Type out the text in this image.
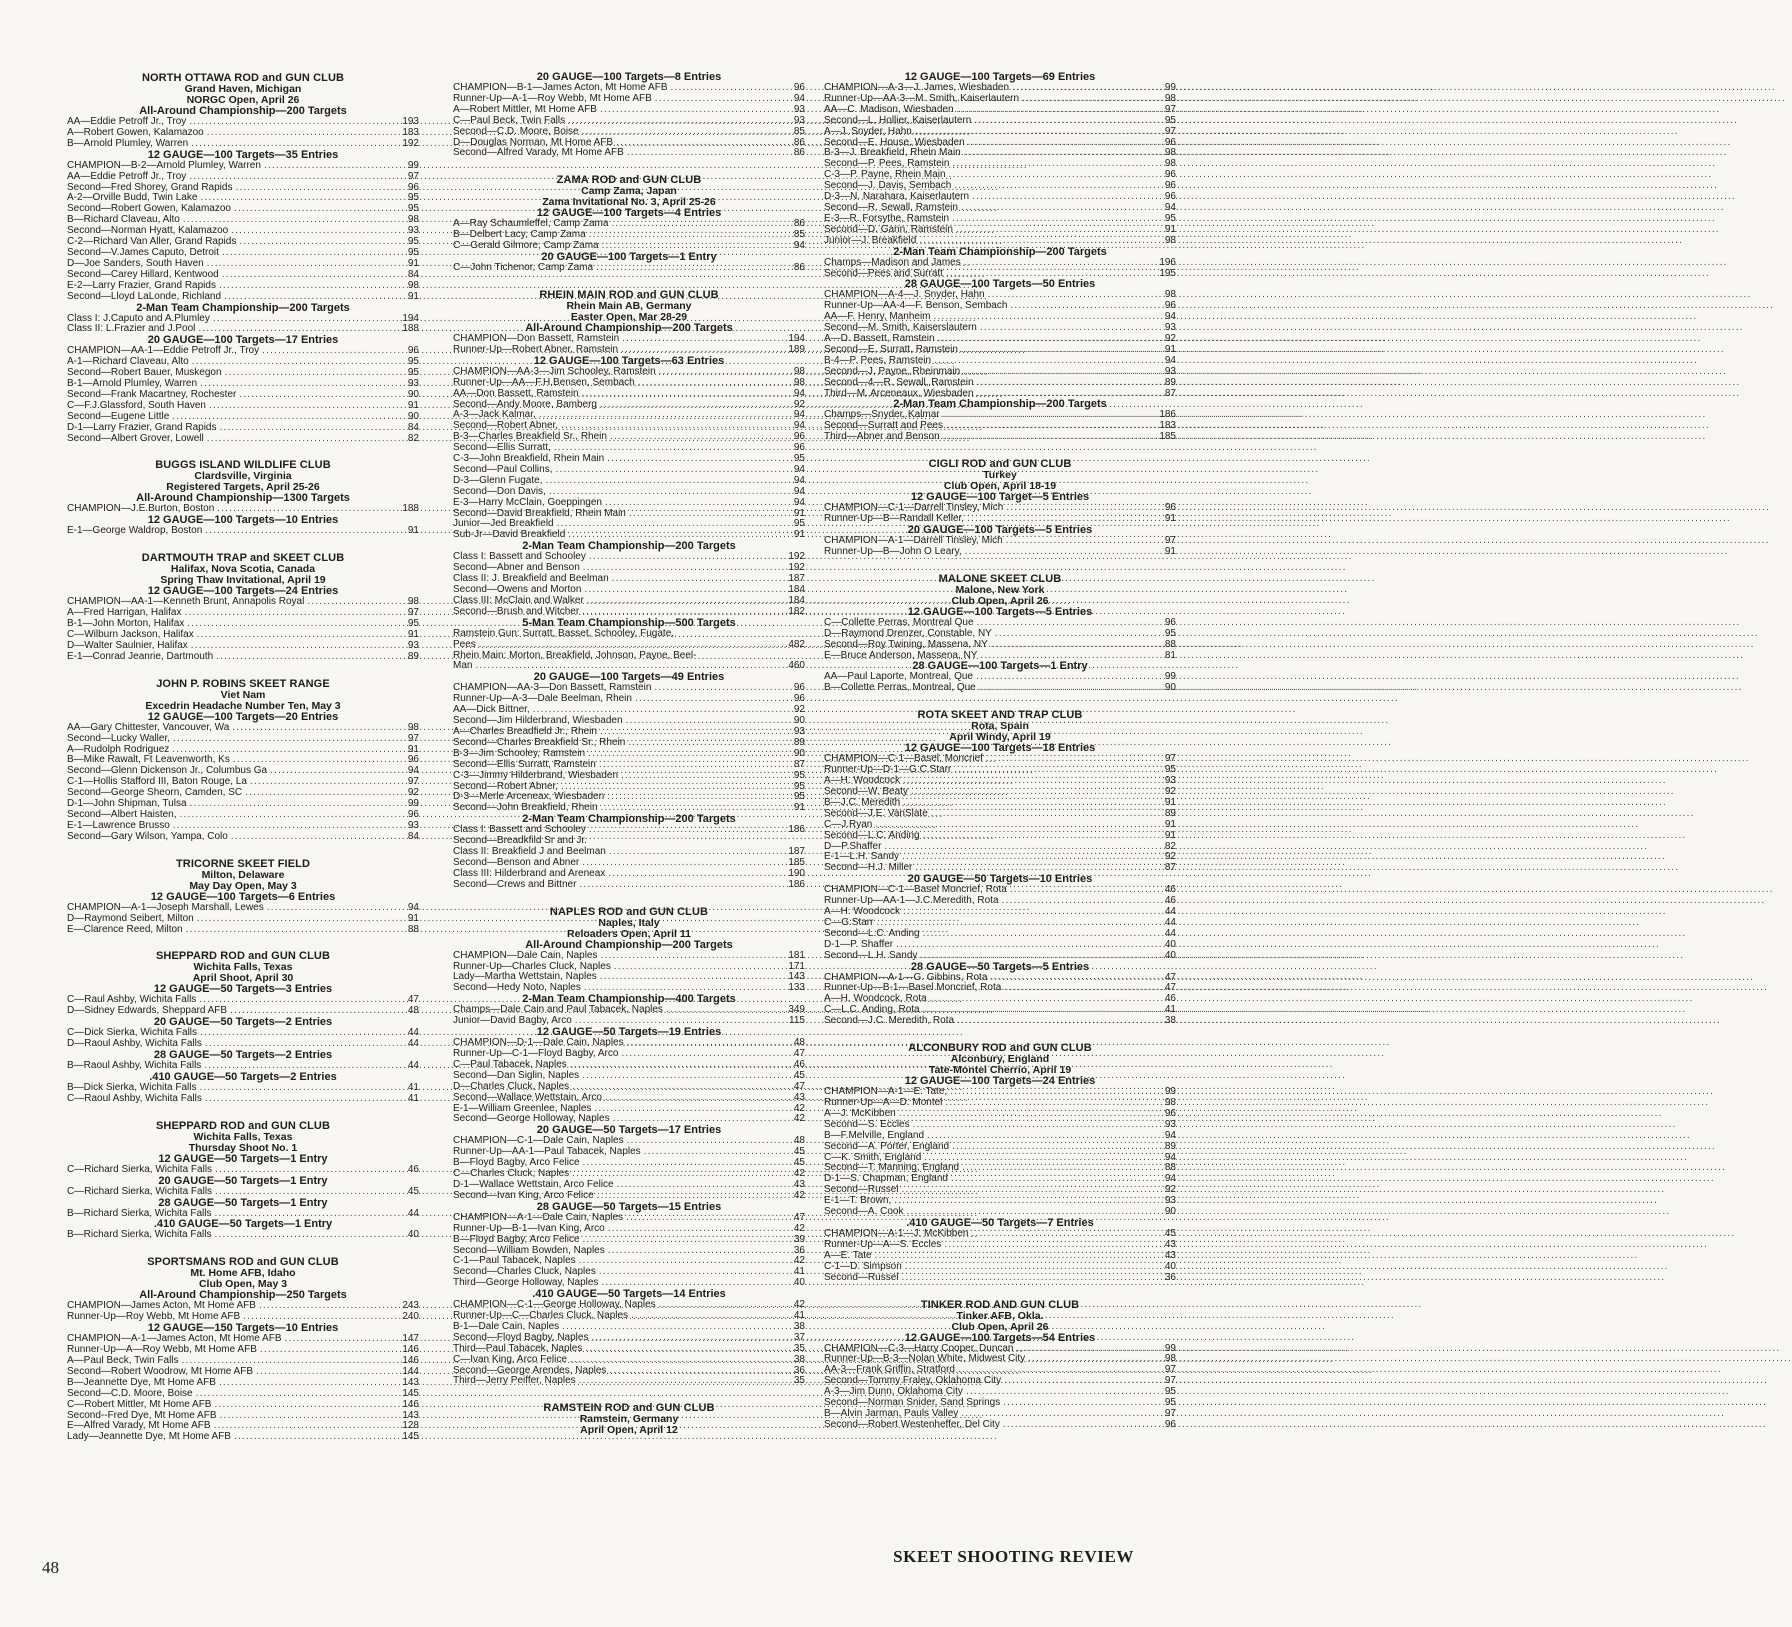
NORTH OTTAWA ROD and GUN CLUB
Grand Haven, Michigan
NORGC Open, April 26
All-Around Championship—200 Targets
AA—Eddie Petroff Jr., Troy .....	193
A—Robert Gowen, Kalamazoo .....	183
B—Arnold Plumley, Warren .....	192
12 GAUGE—100 Targets—35 Entries
CHAMPION—B-2—Arnold Plumley, Warren .....	99
AA—Eddie Petroff Jr., Troy .....	97
Second—Fred Shorey, Grand Rapids .....	96
A-2—Orville Budd, Twin Lake .....	95
Second—Robert Gowen, Kalamazoo .....	95
B—Richard Claveau, Alto .....	98
Second—Norman Hyatt, Kalamazoo .....	93
C-2—Richard Van Aller, Grand Rapids .....	95
Second—V.James Caputo, Detroit .....	95
D—Joe Sanders, South Haven .....	91
Second—Carey Hillard, Kentwood .....	84
E-2—Larry Frazier, Grand Rapids .....	98
Second—Lloyd LaLonde, Richland .....	91
2-Man Team Championship—200 Targets
Class I: J.Caputo and A.Plumley .....	194
Class II: L.Frazier and J.Pool .....	188
20 GAUGE—100 Targets—17 Entries
CHAMPION—AA-1—Eddie Petroff Jr., Troy .....	96
A-1—Richard Claveau, Alto .....	95
Second—Robert Bauer, Muskegon .....	95
B-1—Arnold Plumley, Warren .....	93
Second—Frank Macartney, Rochester .....	90
C—F.J.Glassford, South Haven .....	91
Second—Eugene Little .....	90
D-1—Larry Frazier, Grand Rapids .....	84
Second—Albert Grover, Lowell .....	82
BUGGS ISLAND WILDLIFE CLUB
Clardsville, Virginia
Registered Targets, April 25-26
All-Around Championship—1300 Targets
CHAMPION—J.E.Burton, Boston .....	188
12 GAUGE—100 Targets—10 Entries
E-1—George Waldrop, Boston .....	91
DARTMOUTH TRAP and SKEET CLUB
Halifax, Nova Scotia, Canada
Spring Thaw Invitational, April 19
12 GAUGE—100 Targets—24 Entries
CHAMPION—AA-1—Kenneth Brunt, Annapolis Royal .....	98
A—Fred Harrigan, Halifax .....	97
B-1—John Morton, Halifax .....	95
C—Wilburn Jackson, Halifax .....	91
D—Walter Saulnier, Halifax .....	93
E-1—Conrad Jeanrie, Dartmouth .....	89
JOHN P. ROBINS SKEET RANGE
Viet Nam
Excedrin Headache Number Ten, May 3
12 GAUGE—100 Targets—20 Entries
AA—Gary Chittester, Vancouver, Wa .....	98
Second—Lucky Waller, .....	97
A—Rudolph Rodriguez .....	91
B—Mike Rawalt, Ft Leavenworth, Ks .....	96
Second—Glenn Dickenson Jr., Columbus Ga .....	94
C-1—Hollis Stafford III, Baton Rouge, La .....	97
Second—George Sheorn, Camden, SC .....	92
D-1—John Shipman, Tulsa .....	99
Second—Albert Haisten, .....	96
E-1—Lawrence Brusso .....	93
Second—Gary Wilson, Yampa, Colo .....	84
TRICORNE SKEET FIELD
Milton, Delaware
May Day Open, May 3
12 GAUGE—100 Targets—6 Entries
CHAMPION—A-1—Joseph Marshall, Lewes .....	94
D—Raymond Seibert, Milton .....	91
E—Clarence Reed, Milton .....	88
SHEPPARD ROD and GUN CLUB
Wichita Falls, Texas
April Shoot, April 30
12 GAUGE—50 Targets—3 Entries
C—Raul Ashby, Wichita Falls .....	47
D—Sidney Edwards, Sheppard AFB .....	48
20 GAUGE—50 Targets—2 Entries
C—Dick Sierka, Wichita Falls .....	44
D—Raoul Ashby, Wichita Falls .....	44
28 GAUGE—50 Targets—2 Entries
B—Raoul Ashby, Wichita Falls .....	44
.410 GAUGE—50 Targets—2 Entries
B—Dick Sierka, Wichita Falls .....	41
C—Raoul Ashby, Wichita Falls .....	41
SHEPPARD ROD and GUN CLUB
Wichita Falls, Texas
Thursday Shoot No. 1
12 GAUGE—50 Targets—1 Entry
C—Richard Sierka, Wichita Falls .....	46
20 GAUGE—50 Targets—1 Entry
C—Richard Sierka, Wichita Falls .....	45
28 GAUGE—50 Targets—1 Entry
B—Richard Sierka, Wichita Falls .....	44
.410 GAUGE—50 Targets—1 Entry
B—Richard Sierka, Wichita Falls .....	40
SPORTSMANS ROD and GUN CLUB
Mt. Home AFB, Idaho
Club Open, May 3
All-Around Championship—250 Targets
CHAMPION—James Acton, Mt Home AFB .....	243
Runner-Up—Roy Webb, Mt Home AFB .....	240
12 GAUGE—150 Targets—10 Entries
CHAMPION—A-1—James Acton, Mt Home AFB .....	147
Runner-Up—A—Roy Webb, Mt Home AFB .....	146
A—Paul Beck, Twin Falls .....	146
Second—Robert Woodrow, Mt Home AFB .....	144
B—Jeannette Dye, Mt Home AFB .....	143
Second—C.D. Moore, Boise .....	145
C—Robert Mittler, Mt Home AFB .....	146
Second--Fred Dye, Mt Home AFB .....	143
E—Alfred Varady, Mt Home AFB .....	128
Lady—Jeannette Dye, Mt Home AFB .....	145
20 GAUGE—100 Targets—8 Entries
CHAMPION—B-1—James Acton, Mt Home AFB .....	96
Runner-Up—A-1—Roy Webb, Mt Home AFB .....	94
A—Robert Mittler, Mt Home AFB .....	93
C—Paul Beck, Twin Falls .....	93
Second—C.D. Moore, Boise .....	85
D—Douglas Norman, Mt Home AFB .....	86
Second—Alfred Varady, Mt Home AFB .....	86
ZAMA ROD and GUN CLUB
Camp Zama, Japan
Zama Invitational No. 3, April 25-26
12 GAUGE—100 Targets—4 Entries
A—Ray Schaumleffel, Camp Zama .....	86
B—Delbert Lacy, Camp Zama .....	85
C—Gerald Gilmore, Camp Zama .....	94
20 GAUGE—100 Targets—1 Entry
C—John Tichenor, Camp Zama .....	86
RHEIN MAIN ROD and GUN CLUB
Rhein Main AB, Germany
Easter Open, Mar 28-29
All-Around Championship—200 Targets
CHAMPION—Don Bassett, Ramstein .....	194
Runner-Up—Robert Abner, Ramstein .....	189
12 GAUGE—100 Targets—63 Entries
CHAMPION—AA-3—Jim Schooley, Ramstein .....	98
Runner-Up—AA—F.H.Bensen, Sembach .....	98
AA—Don Bassett, Ramstein .....	94
Second—Andy Moore, Bamberg .....	92
A-3—Jack Kalmar, .....	94
Second—Robert Abner, .....	94
B-3—Charles Breakfield Sr., Rhein .....	96
Second—Ellis Surratt, .....	96
C-3—John Breakfield, Rhein Main .....	95
Second—Paul Collins, .....	94
D-3—Glenn Fugate, .....	94
Second—Don Davis, .....	94
E-3—Harry McClain, Goeppingen .....	94
Second—David Breakfield, Rhein Main .....	91
Junior—Jed Breakfield .....	95
Sub-Jr—David Breakfield .....	91
2-Man Team Championship—200 Targets
Class I: Bassett and Schooley .....	192
Second—Abner and Benson .....	192
Class II: J. Breakfield and Beelman .....	187
Second—Owens and Morton .....	184
Class III: McClain and Walker .....	184
Second—Brush and Witcher .....	182
5-Man Team Championship—500 Targets
Ramstein Gun: Surratt, Basset, Schooley, Fugate,
Pees .....	482
Rhein Main: Morton, Breakfield, Johnson, Payne, Beel-
Man .....	460
20 GAUGE—100 Targets—49 Entries
CHAMPION—AA-3—Don Bassett, Ramstein .....	96
Runner-Up—A-3—Dale Beelman, Rhein .....	96
AA—Dick Bittner, .....	92
Second—Jim Hilderbrand, Wiesbaden .....	90
A—Charles Breadfield Jr., Rhein .....	93
Second—Charles Breakfield Sr., Rhein .....	89
B-3—Jim Schooley, Ramstein .....	90
Second—Ellis Surratt, Ramstein .....	87
C-3—Jimmy Hilderbrand, Wiesbaden .....	95
Second—Robert Abner, .....	95
D-3—Merle Arceneax, Wiesbaden .....	95
Second—John Breakfield, Rhein .....	91
2-Man Team Championship—200 Targets
Class I: Bassett and Schooley .....	186
Second—Breadkfild Sr and Jr.
Class II: Breakfield J and Beelman .....	187
Second—Benson and Abner .....	185
Class III: Hilderbrand and Areneax .....	190
Second—Crews and Bittner .....	186
NAPLES ROD and GUN CLUB
Naples, Italy
Reloaders Open, April 11
All-Around Championship—200 Targets
CHAMPION—Dale Cain, Naples .....	181
Runner-Up—Charles Cluck, Naples .....	171
Lady—Martha Wettstain, Naples .....	143
Second—Hedy Noto, Naples .....	133
2-Man Team Championship—400 Targets
Champs—Dale Cain and Paul Tabacek, Naples .....	349
Junior—David Bagby, Arco .....	115
12 GAUGE—50 Targets—19 Entries
CHAMPION—D-1—Dale Cain, Naples .....	48
Runner-Up—C-1—Floyd Bagby, Arco .....	47
C—Paul Tabacek, Naples .....	46
Second—Dan Siglin, Naples .....	45
D—Charles Cluck, Naples .....	47
Second—Wallace Wettstain, Arco .....	43
E-1—William Greenlee, Naples .....	42
Second—George Holloway, Naples .....	42
20 GAUGE—50 Targets—17 Entries
CHAMPION—C-1—Dale Cain, Naples .....	48
Runner-Up—AA-1—Paul Tabacek, Naples .....	45
B—Floyd Bagby, Arco Felice .....	45
C—Charles Cluck, Naples .....	42
D-1—Wallace Wettstain, Arco Felice .....	43
Second—Ivan King, Arco Felice .....	42
28 GAUGE—50 Targets—15 Entries
CHAMPION—A-1—Dale Cain, Naples .....	47
Runner-Up—B-1—Ivan King, Arco .....	42
B—Floyd Bagby, Arco Felice .....	39
Second—William Bowden, Naples .....	36
C-1—Paul Tabacek, Naples .....	42
Second—Charles Cluck, Naples .....	41
Third—George Holloway, Naples .....	40
.410 GAUGE—50 Targets—14 Entries
CHAMPION—C-1—George Holloway, Naples .....	42
Runner-Up—C—Charles Cluck, Naples .....	41
B-1—Dale Cain, Naples .....	38
Second—Floyd Bagby, Naples .....	37
Third—Paul Tabacek, Naples .....	35
C—Ivan King, Arco Felice .....	38
Second—George Arendes, Naples .....	36
Third—Jerry Peiffer, Naples .....	35
RAMSTEIN ROD and GUN CLUB
Ramstein, Germany
April Open, April 12
12 GAUGE—100 Targets—69 Entries
CHAMPION—A-3—J. James, Wiesbaden .....	99
Runner-Up—AA-3—M. Smith, Kaiserlautern .....	98
AA—C. Madison, Wiesbaden .....	97
Second—L. Hollier, Kaiserlautern .....	95
A—J. Snyder, Hahn .....	97
Second—E. House, Wiesbaden .....	96
B-3—J. Breakfield, Rhein Main .....	98
Second—P. Pees, Ramstein .....	98
C-3—P. Payne, Rhein Main .....	96
Second—J. Davis, Sembach .....	96
D-3—N. Narahara, Kaiserlautern .....	96
Second—R. Sewall, Ramstein .....	94
E-3—R. Forsythe, Ramstein .....	95
Second—D. Gann, Ramstein .....	91
Junior—J. Breakfield .....	98
2-Man Team Championship—200 Targets
Champs—Madison and James .....	196
Second—Pees and Surratt .....	195
28 GAUGE—100 Targets—50 Entries
CHAMPION—A-4—J. Snyder, Hahn .....	98
Runner-Up—AA-4—F. Benson, Sembach .....	96
AA—F. Henry, Manheim .....	94
Second—M. Smith, Kaiserslautern .....	93
A—D. Bassett, Ramstein .....	92
Second—E. Surratt, Ramstein .....	91
B-4—P. Pees, Ramstein .....	94
Second—J. Payne, Rheinmain .....	93
Second—4—R. Sewall, Ramstein .....	89
Third—M. Arceneaux, Wiesbaden .....	87
2-Man Team Championship—200 Targets
Champs—Snyder, Kalmar .....	186
Second—Surratt and Pees .....	183
Third—Abner and Benson .....	185
CIGLI ROD and GUN CLUB
Turkey
Club Open, April 18-19
12 GAUGE—100 Target—5 Entries
CHAMPION—C-1—Darrell Tinsley, Mich .....	96
Runner-Up—B—Randall Keller, .....	91
20 GAUGE—100 Targets—5 Entries
CHAMPION—A-1—Darrell Tinsley, Mich .....	97
Runner-Up—B—John O Leary, .....	91
MALONE SKEET CLUB
Malone, New York
Club Open, April 26
12 GAUGE—100 Targets—5 Entries
C—Collette Perras, Montreal Que .....	96
D—Raymond Drenzer, Constable, NY .....	95
Second—Roy Twining, Massena, NY .....	88
E—Bruce Anderson, Massena, NY .....	81
28 GAUGE—100 Targets—1 Entry
AA—Paul Laporte, Montreal, Que .....	99
B—Collette Perras, Montreal, Que .....	90
ROTA SKEET AND TRAP CLUB
Rota, Spain
April Windy, April 19
12 GAUGE—100 Targets—18 Entries
CHAMPION—C-1—Basel, Moncrief .....	97
Runner-Up—D-1—G.C.Starr .....	95
A—H. Woodcock .....	93
Second—W. Beaty .....	92
B—J.C. Meredith .....	91
Second—J.E. VanSlate .....	89
C—J.Ryan .....	91
Second—L.C. Anding .....	91
D—P.Shaffer .....	82
E-1—L.H. Sandy .....	92
Second—H.J. Miller .....	87
20 GAUGE—50 Targets—10 Entries
CHAMPION—C-1—Basel Moncrief, Rota .....	46
Runner-Up—AA-1—J.C.Meredith, Rota .....	46
A—H. Woodcock .....	44
C—G.Starr .....	44
Second—L.C. Anding .....	44
D-1—P. Shaffer .....	40
Second—L.H. Sandy .....	40
28 GAUGE—50 Targets—5 Entries
CHAMPION—A-1—G. Gibbins, Rota .....	47
Runner-Up—B-1—Basel Moncrief, Rota .....	47
A—H. Woodcock, Rota .....	46
C—L.C. Anding, Rota .....	41
Second—J.C. Meredith, Rota .....	38
ALCONBURY ROD and GUN CLUB
Alconbury, England
Tate-Montel Cherrio, April 19
12 GAUGE—100 Targets—24 Entries
CHAMPION—A-1—E. Tate, .....	99
Runner-Up—A—D. Montel .....	98
A—J. McKibben .....	96
Second—S. Eccles .....	93
B—F.Melville, England .....	94
Second—A. Porter, England .....	89
C—K. Smith, England .....	94
Second—T. Manning, England .....	88
D-1—S. Chapman, England .....	94
Second—Russel .....	92
E-1—T. Brown, .....	93
Second—A. Cook .....	90
.410 GAUGE—50 Targets—7 Entries
CHAMPION—A-1—J. McKibben .....	45
Runner-Up—A—S. Eccles .....	43
A—E. Tate .....	43
C-1—D. Simpson .....	40
Second—Russel .....	36
TINKER ROD AND GUN CLUB
Tinker AFB, Okla.
Club Open, April 26
12 GAUGE—100 Targets—54 Entries
CHAMPION—C-3—Harry Cooper, Duncan .....	99
Runner-Up—B-3—Nolan White, Midwest City .....	98
AA-3—Frank Griffin, Stratford .....	97
Second—Tommy Fraley, Oklahoma City .....	97
A-3—Jim Dunn, Oklahoma City .....	95
Second—Norman Snider, Sand Springs .....	95
B—Alvin Jarman, Pauls Valley .....	97
Second—Robert Westenheffer, Del City .....	96
48
SKEET SHOOTING REVIEW
